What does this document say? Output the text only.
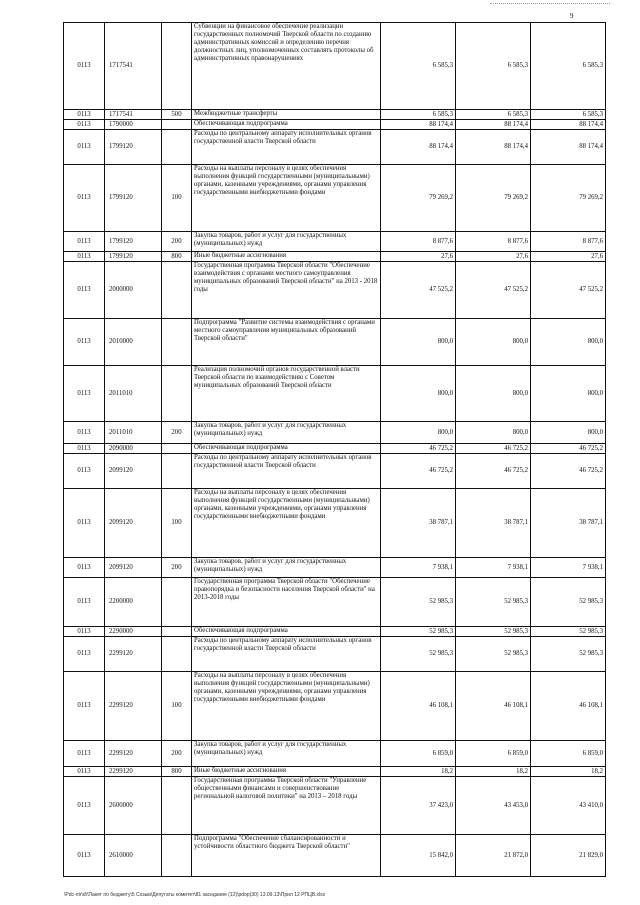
9
0113	1717541		Субвенции на финансовое обеспечение реализации государственных полномочий Тверской области по созданию административных комиссий и определению перечня должностных лиц, уполномоченных составлять протоколы об административных правонарушениях	6 585,3	6 585,3	6 585,3
0113	1717541	500	Межбюджетные трансферты	6 585,3	6 585,3	6 585,3
0113	1790000		Обеспечивающая подпрограмма	88 174,4	88 174,4	88 174,4
0113	1799120		Расходы по центральному аппарату исполнительных органов государственной власти Тверской области	88 174,4	88 174,4	88 174,4
0113	1799120	100	Расходы на выплаты персоналу в целях обеспечения выполнения функций государственными (муниципальными) органами, казенными учреждениями, органами управления государственными внебюджетными фондами	79 269,2	79 269,2	79 269,2
0113	1799120	200	Закупка товаров, работ и услуг для государственных (муниципальных) нужд	8 877,6	8 877,6	8 877,6
0113	1799120	800	Иные бюджетные ассигнования	27,6	27,6	27,6
0113	2000000		Государственная программа Тверской области "Обеспечение взаимодействия с органами местного самоуправления муниципальных образований Тверской области" на 2013 - 2018 годы	47 525,2	47 525,2	47 525,2
0113	2010000		Подпрограмма "Развитие системы взаимодействия с органами местного самоуправления муниципальных образований Тверской области"	800,0	800,0	800,0
0113	2011010		Реализация полномочий органов государственной власти Тверской области по взаимодействию с Советом муниципальных образований Тверской области	800,0	800,0	800,0
0113	2011010	200	Закупка товаров, работ и услуг для государственных (муниципальных) нужд	800,0	800,0	800,0
0113	2090000		Обеспечивающая подпрограмма	46 725,2	46 725,2	46 725,2
0113	2099120		Расходы по центральному аппарату исполнительных органов государственной власти Тверской области	46 725,2	46 725,2	46 725,2
0113	2099120	100	Расходы на выплаты персоналу в целях обеспечения выполнения функций государственными (муниципальными) органами, казенными учреждениями, органами управления государственными внебюджетными фондами	38 787,1	38 787,1	38 787,1
0113	2099120	200	Закупка товаров, работ и услуг для государственных (муниципальных) нужд	7 938,1	7 938,1	7 938,1
0113	2200000		Государственная программа Тверской области "Обеспечение правопорядка и безопасности населения Тверской области" на 2013-2018 годы	52 985,3	52 985,3	52 985,3
0113	2290000		Обеспечивающая подпрограмма	52 985,3	52 985,3	52 985,3
0113	2299120		Расходы по центральному аппарату исполнительных органов государственной власти Тверской области	52 985,3	52 985,3	52 985,3
0113	2299120	100	Расходы на выплаты персоналу в целях обеспечения выполнения функций государственными (муниципальными) органами, казенными учреждениями, органами управления государственными внебюджетными фондами	46 108,1	46 108,1	46 108,1
0113	2299120	200	Закупка товаров, работ и услуг для государственных (муниципальных) нужд	6 859,0	6 859,0	6 859,0
0113	2299120	800	Иные бюджетные ассигнования	18,2	18,2	18,2
0113	2600000		Государственная программа Тверской области "Управление общественными финансами и совершенствование региональной налоговой политики" на 2013 – 2018 годы	37 423,0	43 453,0	43 410,0
0113	2610000		Подпрограмма "Обеспечение сбалансированности и устойчивости областного бюджета Тверской области"	15 842,0	21 872,0	21 829,0
\Pdc-ntr\d\\Пакет по бюджету\5 Созыв\Депутаты комитет\81 заседание (12)\pdop(30) 13.09.13\Прил 12 РПЦВ.xlsx
